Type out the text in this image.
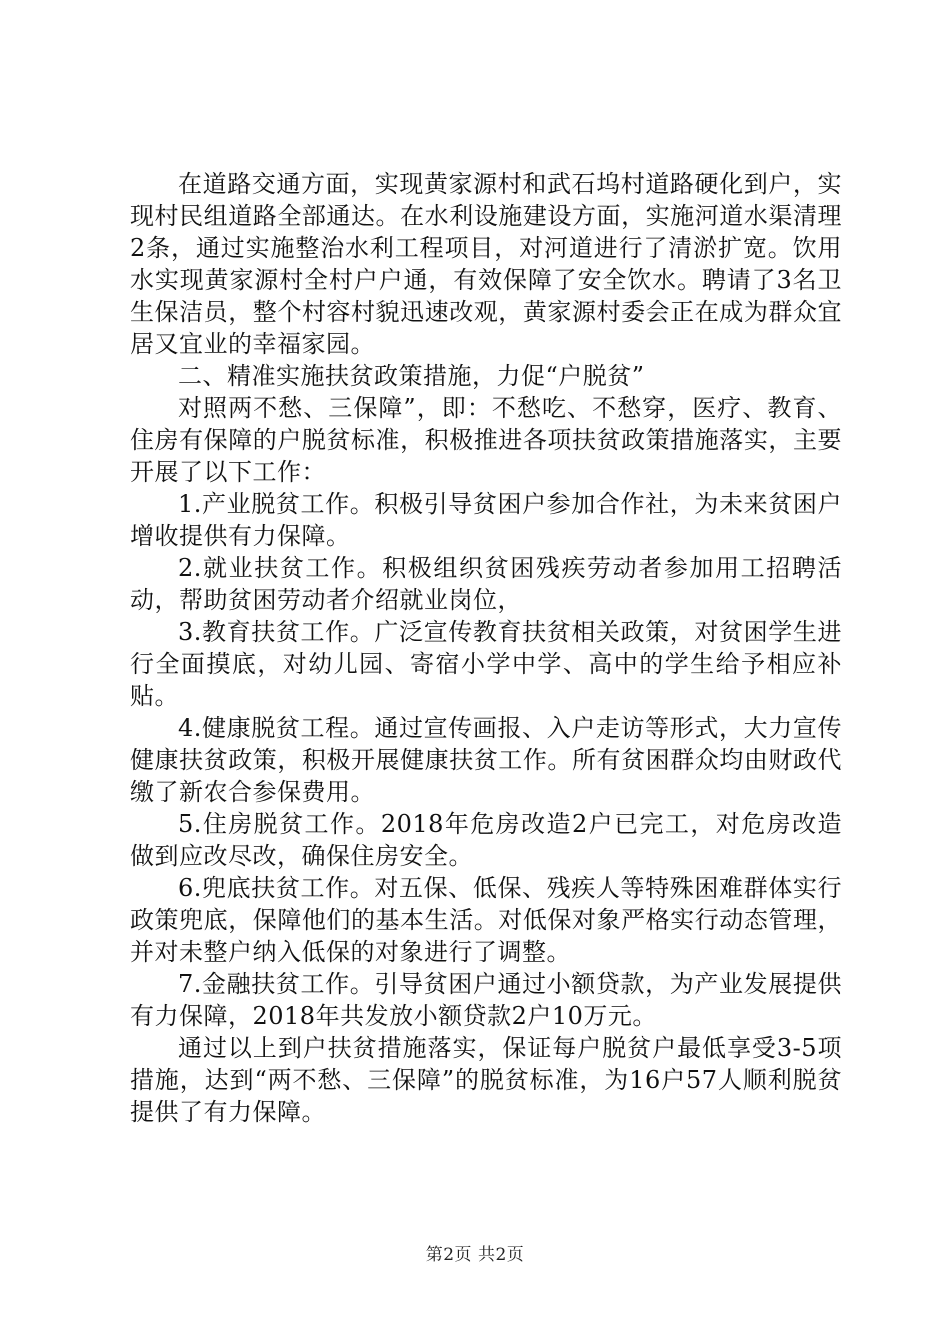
在道路交通方面，实现黄家源村和武石坞村道路硬化到户，实现村民组道路全部通达。在水利设施建设方面，实施河道水渠清理2条，通过实施整治水利工程项目，对河道进行了清淤扩宽。饮用水实现黄家源村全村户户通，有效保障了安全饮水。聘请了3名卫生保洁员，整个村容村貌迅速改观，黄家源村委会正在成为群众宜居又宜业的幸福家园。

二、精准实施扶贫政策措施，力促“户脱贫”

对照两不愁、三保障”，即：不愁吃、不愁穿，医疗、教育、住房有保障的户脱贫标准，积极推进各项扶贫政策措施落实，主要开展了以下工作：

1.产业脱贫工作。积极引导贫困户参加合作社，为未来贫困户增收提供有力保障。

2.就业扶贫工作。积极组织贫困残疾劳动者参加用工招聘活动，帮助贫困劳动者介绍就业岗位，

3.教育扶贫工作。广泛宣传教育扶贫相关政策，对贫困学生进行全面摸底，对幼儿园、寄宿小学中学、高中的学生给予相应补贴。

4.健康脱贫工程。通过宣传画报、入户走访等形式，大力宣传健康扶贫政策，积极开展健康扶贫工作。所有贫困群众均由财政代缴了新农合参保费用。

5.住房脱贫工作。2018年危房改造2户已完工，对危房改造做到应改尽改，确保住房安全。

6.兜底扶贫工作。对五保、低保、残疾人等特殊困难群体实行政策兜底，保障他们的基本生活。对低保对象严格实行动态管理，并对未整户纳入低保的对象进行了调整。

7.金融扶贫工作。引导贫困户通过小额贷款，为产业发展提供有力保障，2018年共发放小额贷款2户10万元。

通过以上到户扶贫措施落实，保证每户脱贫户最低享受3-5项措施，达到“两不愁、三保障”的脱贫标准，为16户57人顺利脱贫提供了有力保障。

第2页 共2页
